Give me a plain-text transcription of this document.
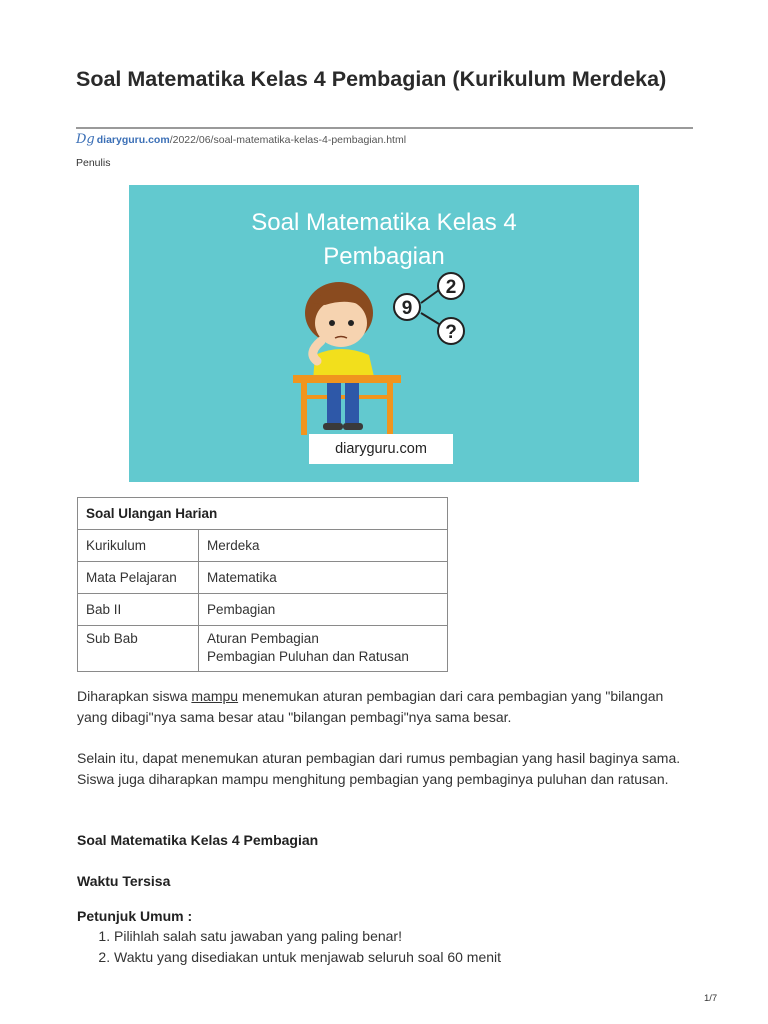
Soal Matematika Kelas 4 Pembagian (Kurikulum Merdeka)
Dg diaryguru.com/2022/06/soal-matematika-kelas-4-pembagian.html
Penulis
Soal Matematika Kelas 4
Pembagian
2
9
?
diaryguru.com
Soal Ulangan Harian	
Kurikulum	Merdeka
Mata Pelajaran	Matematika
Bab II	Pembagian
Sub Bab	Aturan Pembagian
Pembagian Puluhan dan Ratusan

Diharapkan siswa mampu menemukan aturan pembagian dari cara pembagian yang "bilangan yang dibagi"nya sama besar atau "bilangan pembagi"nya sama besar.

Selain itu, dapat menemukan aturan pembagian dari rumus pembagian yang hasil baginya sama. Siswa juga diharapkan mampu menghitung pembagian yang pembaginya puluhan dan ratusan.

Soal Matematika Kelas 4 Pembagian
Waktu Tersisa
Petunjuk Umum :
1. Pilihlah salah satu jawaban yang paling benar!
2. Waktu yang disediakan untuk menjawab seluruh soal 60 menit
1/7
